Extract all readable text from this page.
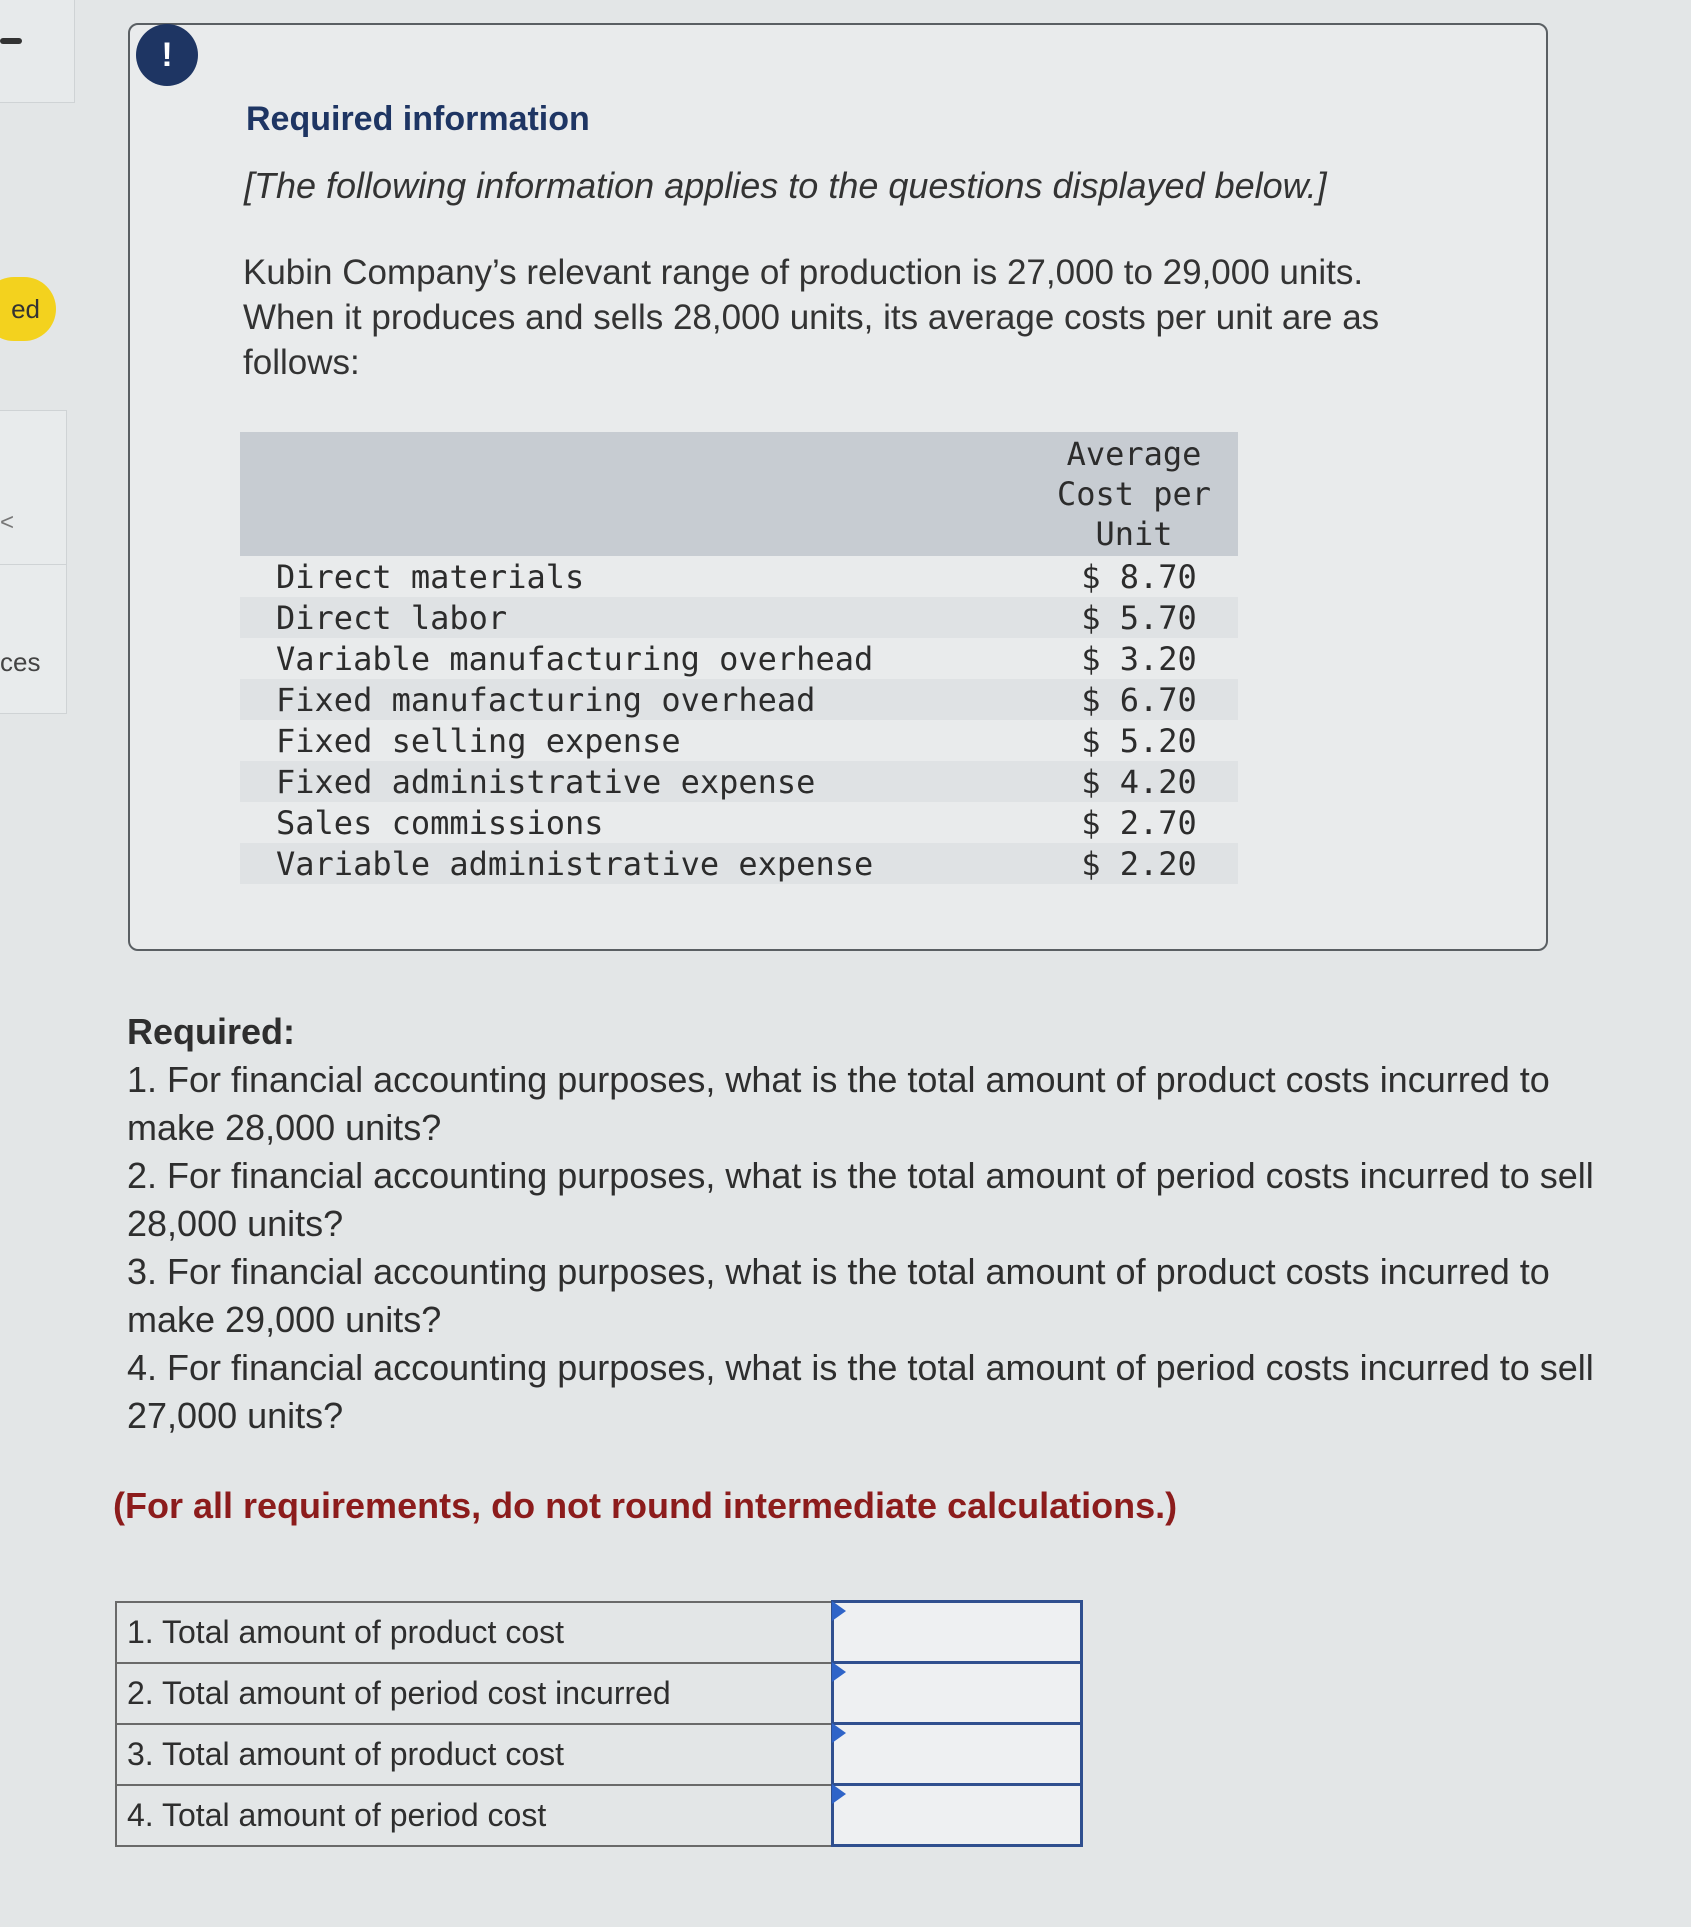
ed
<
ces
!
Required information
[The following information applies to the questions displayed below.]
Kubin Company’s relevant range of production is 27,000 to 29,000 units. When it produces and sells 28,000 units, its average costs per unit are as follows:

	Average
Cost per
Unit

Direct materials	$ 8.70
Direct labor	$ 5.70
Variable manufacturing overhead	$ 3.20
Fixed manufacturing overhead	$ 6.70
Fixed selling expense	$ 5.20
Fixed administrative expense	$ 4.20
Sales commissions	$ 2.70
Variable administrative expense	$ 2.20
Required:
1. For financial accounting purposes, what is the total amount of product costs incurred to make 28,000 units?
2. For financial accounting purposes, what is the total amount of period costs incurred to sell 28,000 units?
3. For financial accounting purposes, what is the total amount of product costs incurred to make 29,000 units?
4. For financial accounting purposes, what is the total amount of period costs incurred to sell 27,000 units?
(For all requirements, do not round intermediate calculations.)
1. Total amount of product cost	

2. Total amount of period cost incurred	

3. Total amount of product cost	

4. Total amount of period cost	
